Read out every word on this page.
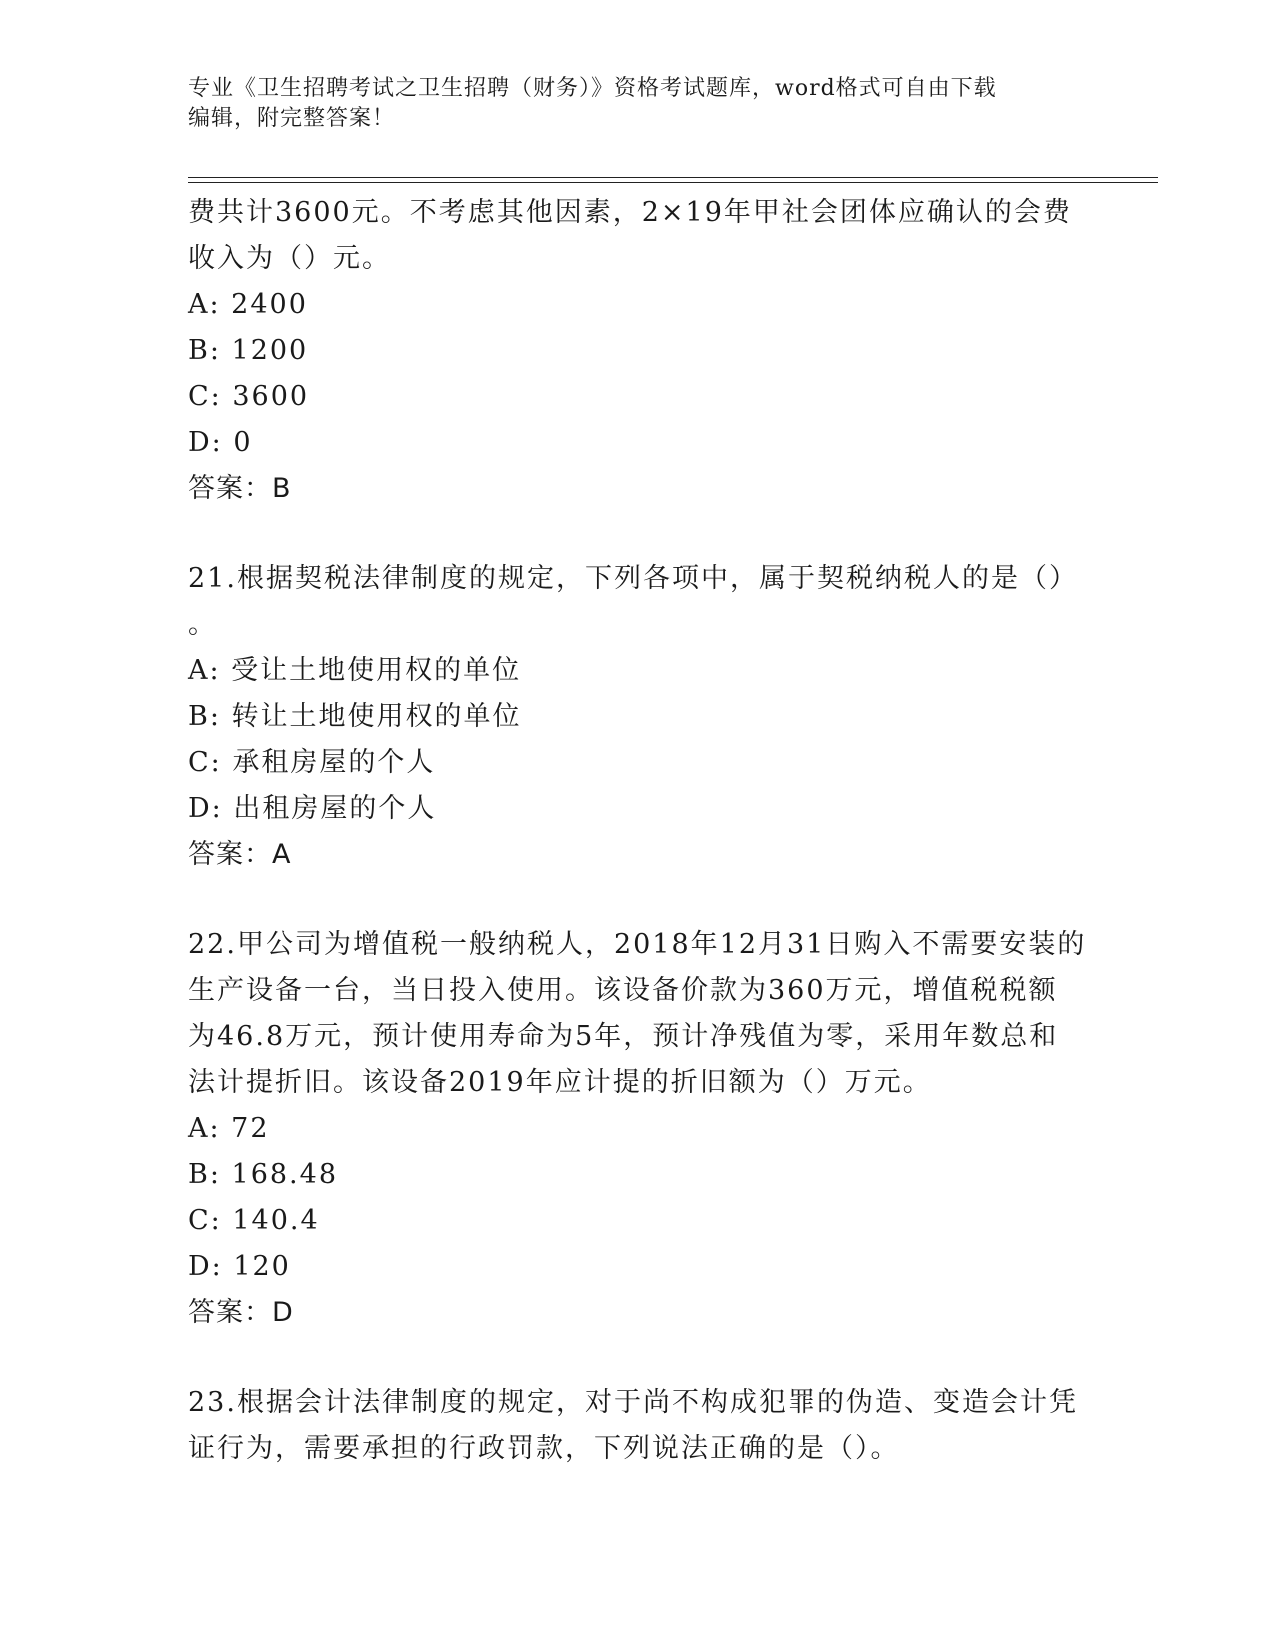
专业《卫生招聘考试之卫生招聘（财务）》资格考试题库，word格式可自由下载
编辑，附完整答案！
费共计3600元。不考虑其他因素，2×19年甲社会团体应确认的会费
收入为（）元。
A: 2400
B: 1200
C: 3600
D: 0
答案：B
21.根据契税法律制度的规定，下列各项中，属于契税纳税人的是（）
。
A: 受让土地使用权的单位
B: 转让土地使用权的单位
C: 承租房屋的个人
D: 出租房屋的个人
答案：A
22.甲公司为增值税一般纳税人，2018年12月31日购入不需要安装的
生产设备一台，当日投入使用。该设备价款为360万元，增值税税额
为46.8万元，预计使用寿命为5年，预计净残值为零，采用年数总和
法计提折旧。该设备2019年应计提的折旧额为（）万元。
A: 72
B: 168.48
C: 140.4
D: 120
答案：D
23.根据会计法律制度的规定，对于尚不构成犯罪的伪造、变造会计凭
证行为，需要承担的行政罚款，下列说法正确的是（）。
